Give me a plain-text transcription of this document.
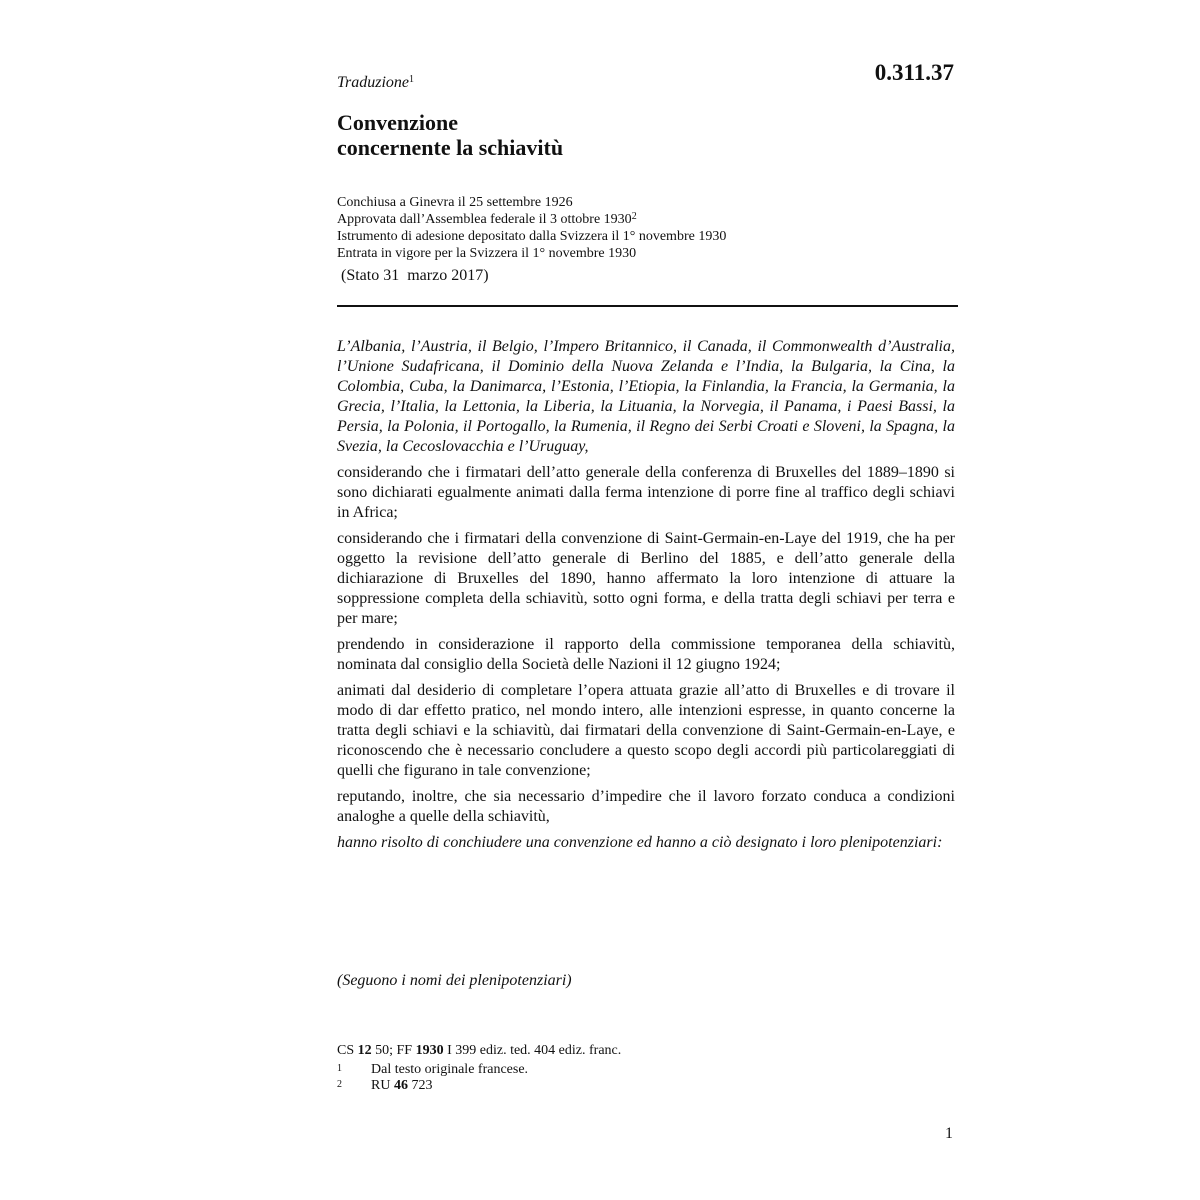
0.311.37
Traduzione$^1$
Convenzione
concernente la schiavitù
Conchiusa a Ginevra il 25 settembre 1926
Approvata dall’Assemblea federale il 3 ottobre 1930$^2$
Istrumento di adesione depositato dalla Svizzera il 1° novembre 1930
Entrata in vigore per la Svizzera il 1° novembre 1930
(Stato 31  marzo 2017)

L’Albania, l’Austria, il Belgio, l’Impero Britannico, il Canada, il Commonwealth d’Australia, l’Unione Sudafricana, il Dominio della Nuova Zelanda e l’India, la Bulgaria, la Cina, la Colombia, Cuba, la Danimarca, l’Estonia, l’Etiopia, la Finlandia, la Francia, la Germania, la Grecia, l’Italia, la Lettonia, la Liberia, la Lituania, la Norvegia, il Panama, i Paesi Bassi, la Persia, la Polonia, il Portogallo, la Rumenia, il Regno dei Serbi Croati e Sloveni, la Spagna, la Svezia, la Cecoslovacchia e l’Uruguay,

considerando che i firmatari dell’atto generale della conferenza di Bruxelles del 1889–1890 si sono dichiarati egualmente animati dalla ferma intenzione di porre fine al traffico degli schiavi in Africa;

considerando che i firmatari della convenzione di Saint-Germain-en-Laye del 1919, che ha per oggetto la revisione dell’atto generale di Berlino del 1885, e dell’atto generale della dichiarazione di Bruxelles del 1890, hanno affermato la loro intenzione di attuare la soppressione completa della schiavitù, sotto ogni forma, e della tratta degli schiavi per terra e per mare;

prendendo in considerazione il rapporto della commissione temporanea della schiavitù, nominata dal consiglio della Società delle Nazioni il 12 giugno 1924;

animati dal desiderio di completare l’opera attuata grazie all’atto di Bruxelles e di trovare il modo di dar effetto pratico, nel mondo intero, alle intenzioni espresse, in quanto concerne la tratta degli schiavi e la schiavitù, dai firmatari della convenzione di Saint-Germain-en-Laye, e riconoscendo che è necessario concludere a questo scopo degli accordi più particolareggiati di quelli che figurano in tale convenzione;

reputando, inoltre, che sia necessario d’impedire che il lavoro forzato conduca a condizioni analoghe a quelle della schiavitù,

hanno risolto di conchiudere una convenzione ed hanno a ciò designato i loro plenipotenziari:

(Seguono i nomi dei plenipotenziari)
CS 12 50; FF 1930 I 399 ediz. ted. 404 ediz. franc.
1 Dal testo originale francese.
2 RU 46 723
1
